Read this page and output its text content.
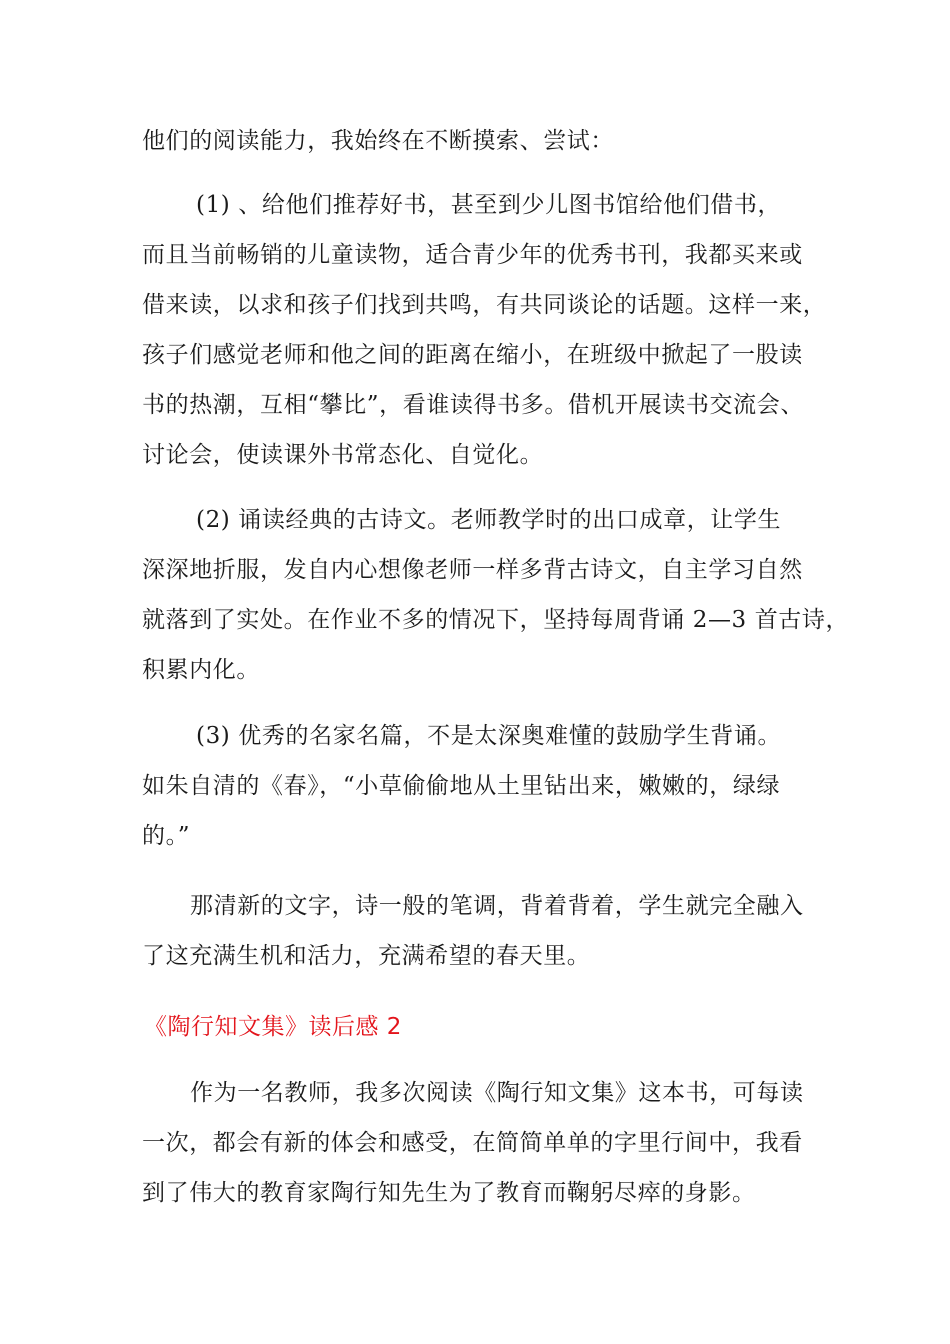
他们的阅读能力，我始终在不断摸索、尝试：
(1) 、给他们推荐好书，甚至到少儿图书馆给他们借书，
而且当前畅销的儿童读物，适合青少年的优秀书刊，我都买来或
借来读，以求和孩子们找到共鸣，有共同谈论的话题。这样一来，
孩子们感觉老师和他之间的距离在缩小，在班级中掀起了一股读
书的热潮，互相“攀比”，看谁读得书多。借机开展读书交流会、
讨论会，使读课外书常态化、自觉化。
(2) 诵读经典的古诗文。老师教学时的出口成章，让学生
深深地折服，发自内心想像老师一样多背古诗文，自主学习自然
就落到了实处。在作业不多的情况下，坚持每周背诵 2—3 首古诗，
积累内化。
(3) 优秀的名家名篇，不是太深奥难懂的鼓励学生背诵。
如朱自清的《春》，“小草偷偷地从土里钻出来，嫩嫩的，绿绿
的。”
那清新的文字，诗一般的笔调，背着背着，学生就完全融入
了这充满生机和活力，充满希望的春天里。
《陶行知文集》读后感 2
作为一名教师，我多次阅读《陶行知文集》这本书，可每读
一次，都会有新的体会和感受，在简简单单的字里行间中，我看
到了伟大的教育家陶行知先生为了教育而鞠躬尽瘁的身影。
